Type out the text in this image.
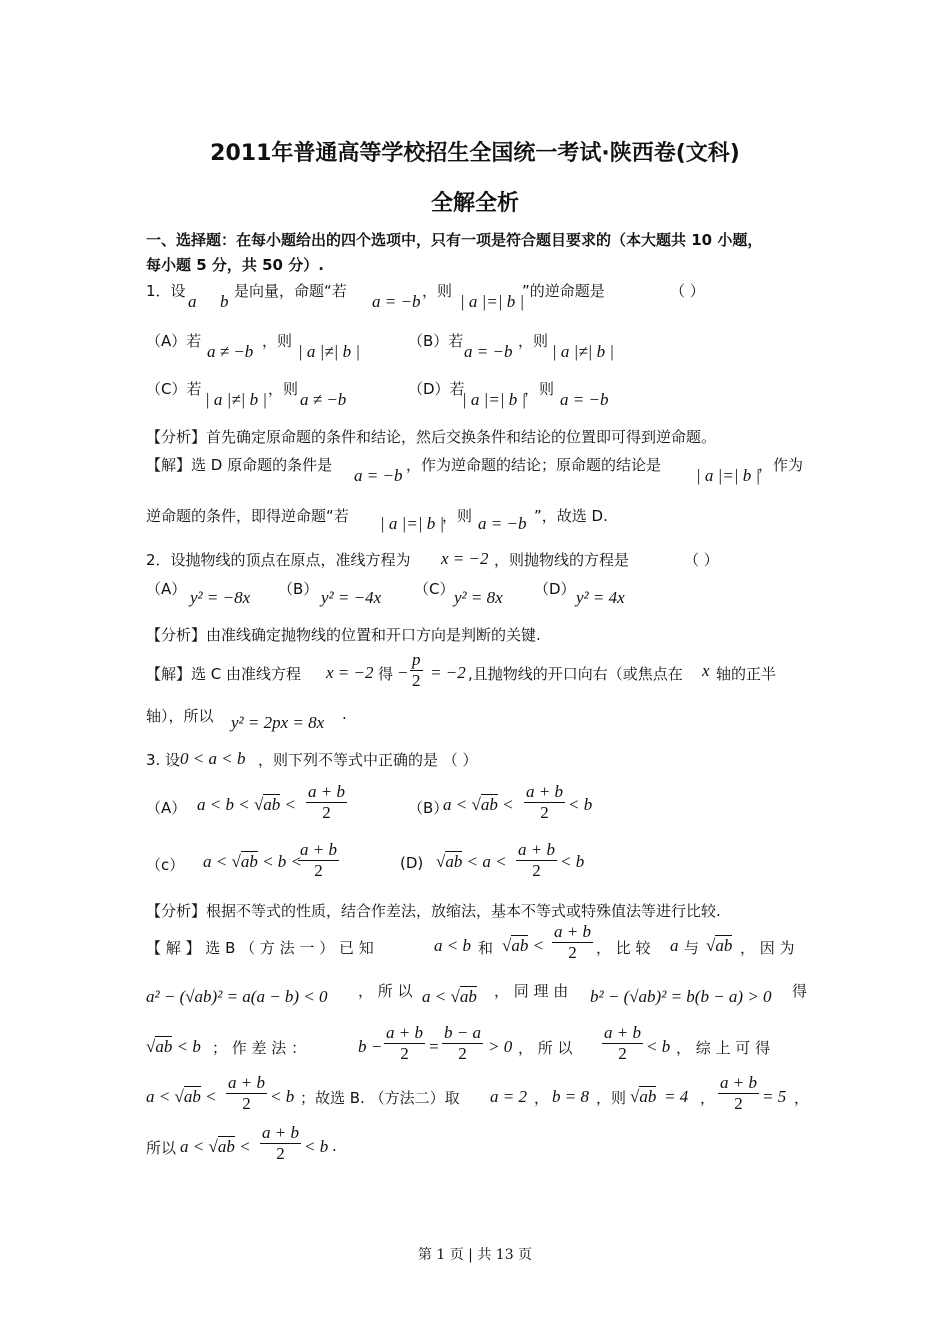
2011年普通高等学校招生全国统一考试·陕西卷(文科)
全解全析
一、选择题：在每小题给出的四个选项中，只有一项是符合题目要求的（本大题共 10 小题，
每小题 5 分，共 50 分）.
1．设
a b
是向量，命题“若
a = −b
，则
| a |=| b |
”的逆命题是	（ ）
（A）若
a ≠ −b
，则
| a |≠| b |
（B）若
a = −b
，则
| a |≠| b |
（C）若
| a |≠| b |
，则
a ≠ −b
（D）若
| a |=| b |
，则
a = −b
【分析】首先确定原命题的条件和结论，然后交换条件和结论的位置即可得到逆命题。
【解】选 D 原命题的条件是
a = −b
，作为逆命题的结论；原命题的结论是
| a |=| b |
，作为
逆命题的条件，即得逆命题“若 | a |=| b |
，则 a = −b ”，故选 D.
2．设抛物线的顶点在原点，准线方程为 x = −2 ，则抛物线的方程是	（ ）
（A） y² = −8x （B） y² = −4x （C） y² = 8x （D） y² = 4x
【分析】由准线确定抛物线的位置和开口方向是判断的关键.
【解】选 C 由准线方程 x = −2 得 −
p
2 = −2 ,且抛物线的开口向右（或焦点在 x 轴的正半
轴），所以 y² = 2px = 8x .
3. 设 0 < a < b ，则下列不等式中正确的是 （ ）
（A） a < b < √ab <
a + b
2	（B）
a < √ab <
a + b
2	< b
（c） a < √ab < b <
a + b
2	(D) √ab < a <
a + b
2	< b
【分析】根据不等式的性质，结合作差法，放缩法，基本不等式或特殊值法等进行比较.
【 解 】 选 B （ 方 法 一 ） 已 知	a < b 和 √ab <
a + b
2	， 比 较 a 与 √ab ， 因 为
a² − (√ab)² = a(a − b) < 0 ， 所 以 a < √ab ， 同 理 由 b² − (√ab)² = b(b − a) > 0 得
√ab < b ； 作 差 法 ：	b −
a + b
2	=
b − a
2	> 0 ， 所 以
a + b
2	< b ， 综 上 可 得
a < √ab <
a + b
2	< b ；故选 B. （方法二）取 a = 2 ， b = 8 ，则 √ab = 4 ，
a + b
2	= 5 ，
所以 a < √ab <
a + b
2	< b .
第 1 页 | 共 13 页
